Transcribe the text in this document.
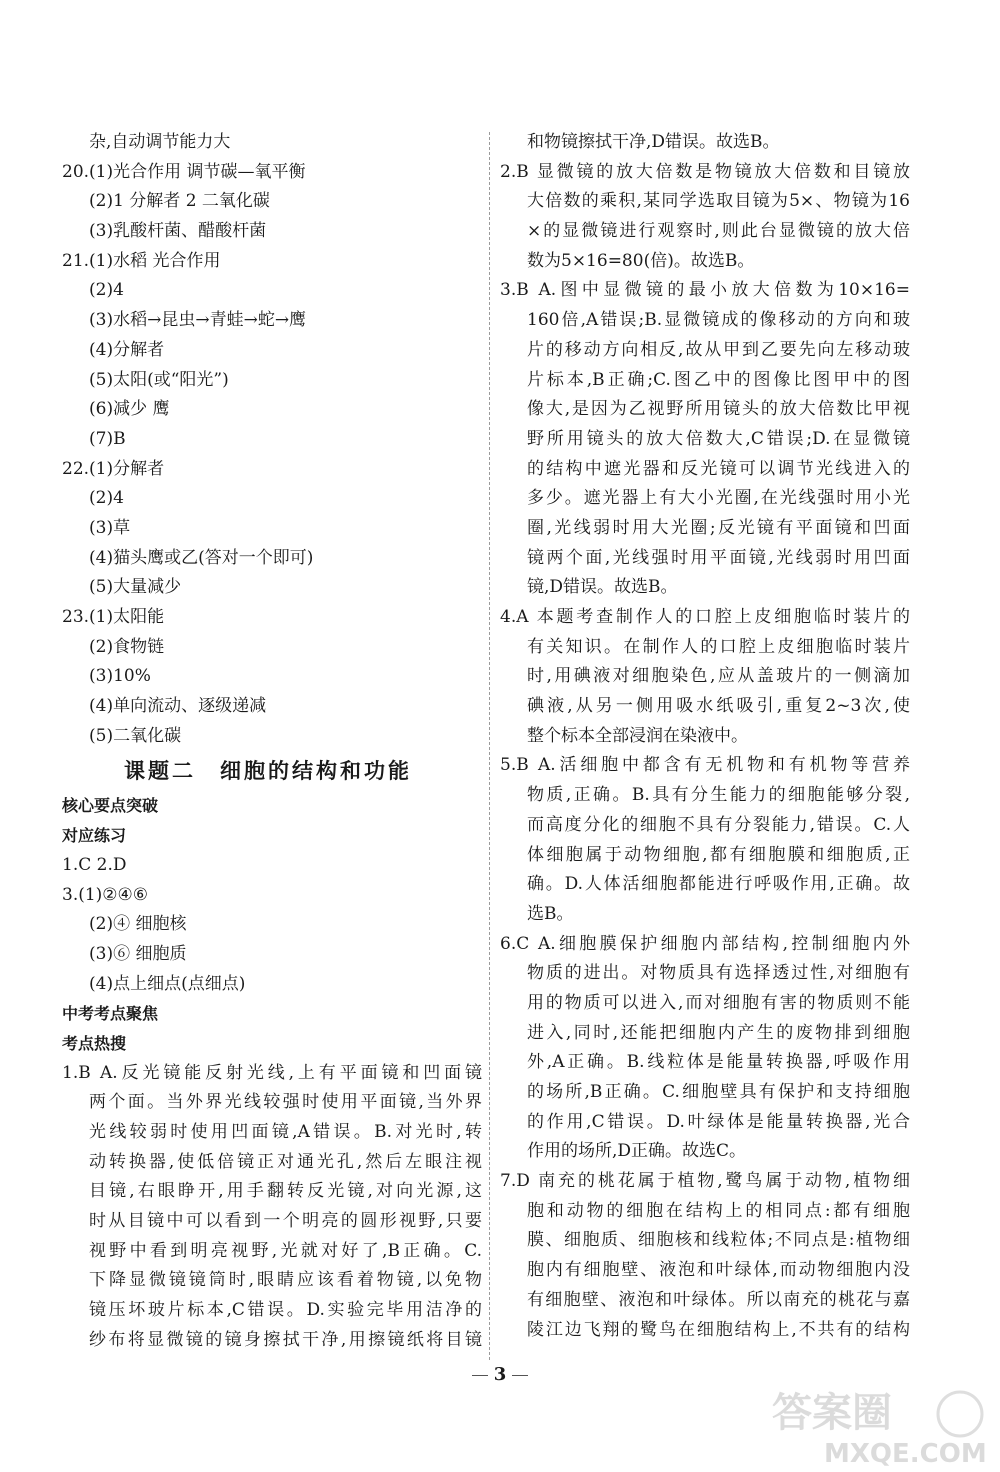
杂,自动调节能力大
20.(1)光合作用 调节碳—氧平衡
(2)1 分解者 2 二氧化碳
(3)乳酸杆菌、醋酸杆菌
21.(1)水稻 光合作用
(2)4
(3)水稻→昆虫→青蛙→蛇→鹰
(4)分解者
(5)太阳(或“阳光”)
(6)减少 鹰
(7)B
22.(1)分解者
(2)4
(3)草
(4)猫头鹰或乙(答对一个即可)
(5)大量减少
23.(1)太阳能
(2)食物链
(3)10%
(4)单向流动、逐级递减
(5)二氧化碳
课题二　细胞的结构和功能
核心要点突破
对应练习
1.C 2.D
3.(1)②④⑥
(2)④ 细胞核
(3)⑥ 细胞质
(4)点上细点(点细点)
中考考点聚焦
考点热搜
1.B A.反光镜能反射光线,上有平面镜和凹面镜
两个面。当外界光线较强时使用平面镜,当外界
光线较弱时使用凹面镜,A错误。B.对光时,转
动转换器,使低倍镜正对通光孔,然后左眼注视
目镜,右眼睁开,用手翻转反光镜,对向光源,这
时从目镜中可以看到一个明亮的圆形视野,只要
视野中看到明亮视野,光就对好了,B正确。C.
下降显微镜镜筒时,眼睛应该看着物镜,以免物
镜压坏玻片标本,C错误。D.实验完毕用洁净的
纱布将显微镜的镜身擦拭干净,用擦镜纸将目镜
和物镜擦拭干净,D错误。故选B。
2.B 显微镜的放大倍数是物镜放大倍数和目镜放
大倍数的乘积,某同学选取目镜为5×、物镜为16
×的显微镜进行观察时,则此台显微镜的放大倍
数为5×16=80(倍)。故选B。
3.B A.图中显微镜的最小放大倍数为10×16=
160倍,A错误;B.显微镜成的像移动的方向和玻
片的移动方向相反,故从甲到乙要先向左移动玻
片标本,B正确;C.图乙中的图像比图甲中的图
像大,是因为乙视野所用镜头的放大倍数比甲视
野所用镜头的放大倍数大,C错误;D.在显微镜
的结构中遮光器和反光镜可以调节光线进入的
多少。遮光器上有大小光圈,在光线强时用小光
圈,光线弱时用大光圈;反光镜有平面镜和凹面
镜两个面,光线强时用平面镜,光线弱时用凹面
镜,D错误。故选B。
4.A 本题考查制作人的口腔上皮细胞临时装片的
有关知识。在制作人的口腔上皮细胞临时装片
时,用碘液对细胞染色,应从盖玻片的一侧滴加
碘液,从另一侧用吸水纸吸引,重复2~3次,使
整个标本全部浸润在染液中。
5.B A.活细胞中都含有无机物和有机物等营养
物质,正确。B.具有分生能力的细胞能够分裂,
而高度分化的细胞不具有分裂能力,错误。C.人
体细胞属于动物细胞,都有细胞膜和细胞质,正
确。D.人体活细胞都能进行呼吸作用,正确。故
选B。
6.C A.细胞膜保护细胞内部结构,控制细胞内外
物质的进出。对物质具有选择透过性,对细胞有
用的物质可以进入,而对细胞有害的物质则不能
进入,同时,还能把细胞内产生的废物排到细胞
外,A正确。B.线粒体是能量转换器,呼吸作用
的场所,B正确。C.细胞壁具有保护和支持细胞
的作用,C错误。D.叶绿体是能量转换器,光合
作用的场所,D正确。故选C。
7.D 南充的桃花属于植物,鹭鸟属于动物,植物细
胞和动物的细胞在结构上的相同点:都有细胞
膜、细胞质、细胞核和线粒体;不同点是:植物细
胞内有细胞壁、液泡和叶绿体,而动物细胞内没
有细胞壁、液泡和叶绿体。所以南充的桃花与嘉
陵江边飞翔的鹭鸟在细胞结构上,不共有的结构
3
答案圈
MXQE.COM
